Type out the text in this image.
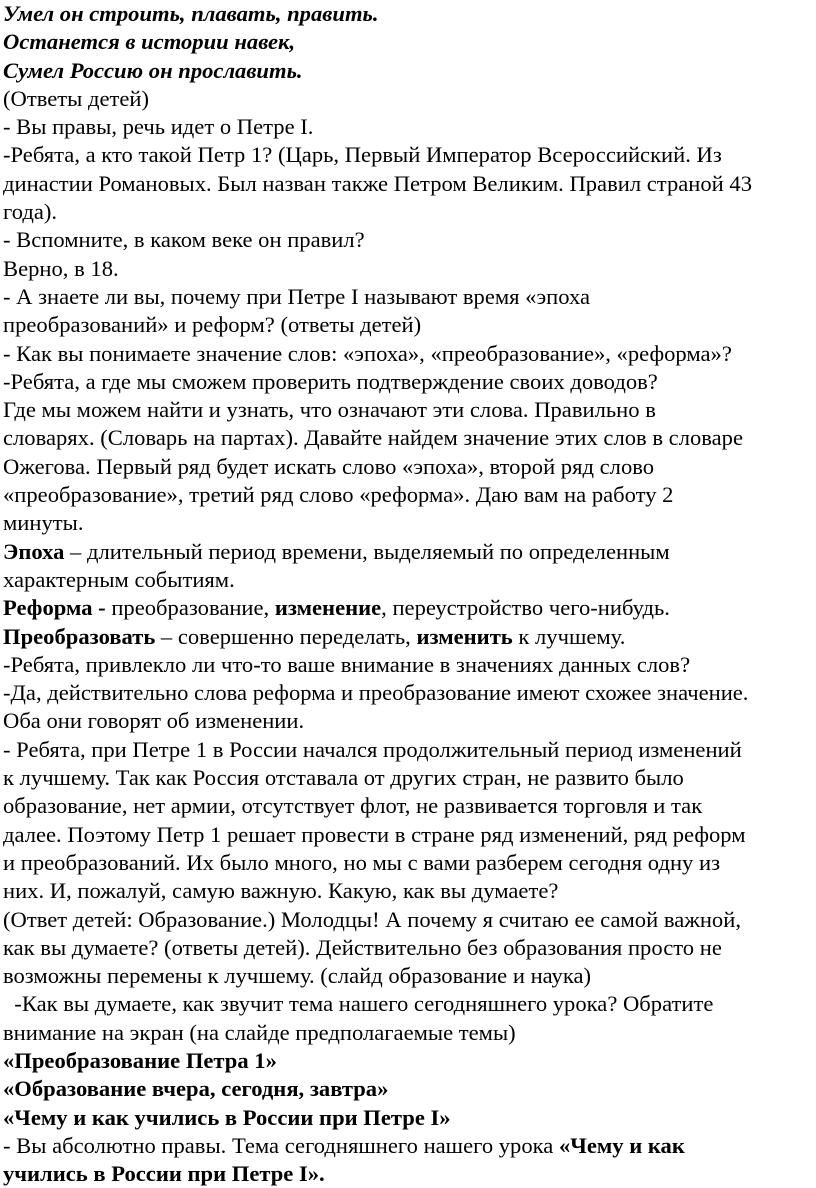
Умел он строить, плавать, править.

Останется в истории навек,

Сумел Россию он прославить.

(Ответы детей)

- Вы правы, речь идет о Петре I.

-Ребята, а кто такой Петр 1? (Царь, Первый Император Всероссийский. Из

династии Романовых. Был назван также Петром Великим. Правил страной 43

года).

- Вспомните, в каком веке он правил?

Верно, в 18.

- А знаете ли вы, почему при Петре I называют время «эпоха

преобразований» и реформ? (ответы детей)

- Как вы понимаете значение слов: «эпоха», «преобразование», «реформа»?

-Ребята, а где мы сможем проверить подтверждение своих доводов?

Где мы можем найти и узнать, что означают эти слова. Правильно в

словарях. (Словарь на партах). Давайте найдем значение этих слов в словаре

Ожегова. Первый ряд будет искать слово «эпоха», второй ряд слово

«преобразование», третий ряд слово «реформа». Даю вам на работу 2

минуты.

Эпоха – длительный период времени, выделяемый по определенным

характерным событиям.

Реформа - преобразование, изменение, переустройство чего-нибудь.

Преобразовать – совершенно переделать, изменить к лучшему.

-Ребята, привлекло ли что-то ваше внимание в значениях данных слов?

-Да, действительно слова реформа и преобразование имеют схожее значение.

Оба они говорят об изменении.

- Ребята, при Петре 1 в России начался продолжительный период изменений

к лучшему. Так как Россия отставала от других стран, не развито было

образование, нет армии, отсутствует флот, не развивается торговля и так

далее. Поэтому Петр 1 решает провести в стране ряд изменений, ряд реформ

и преобразований. Их было много, но мы с вами разберем сегодня одну из

них. И, пожалуй, самую важную. Какую, как вы думаете?

(Ответ детей: Образование.) Молодцы! А почему я считаю ее самой важной,

как вы думаете? (ответы детей). Действительно без образования просто не

возможны перемены к лучшему. (слайд образование и наука)

-Как вы думаете, как звучит тема нашего сегодняшнего урока? Обратите

внимание на экран (на слайде предполагаемые темы)

«Преобразование Петра 1»

«Образование вчера, сегодня, завтра»

«Чему и как учились в России при Петре I»

- Вы абсолютно правы. Тема сегодняшнего нашего урока «Чему и как

учились в России при Петре I».
